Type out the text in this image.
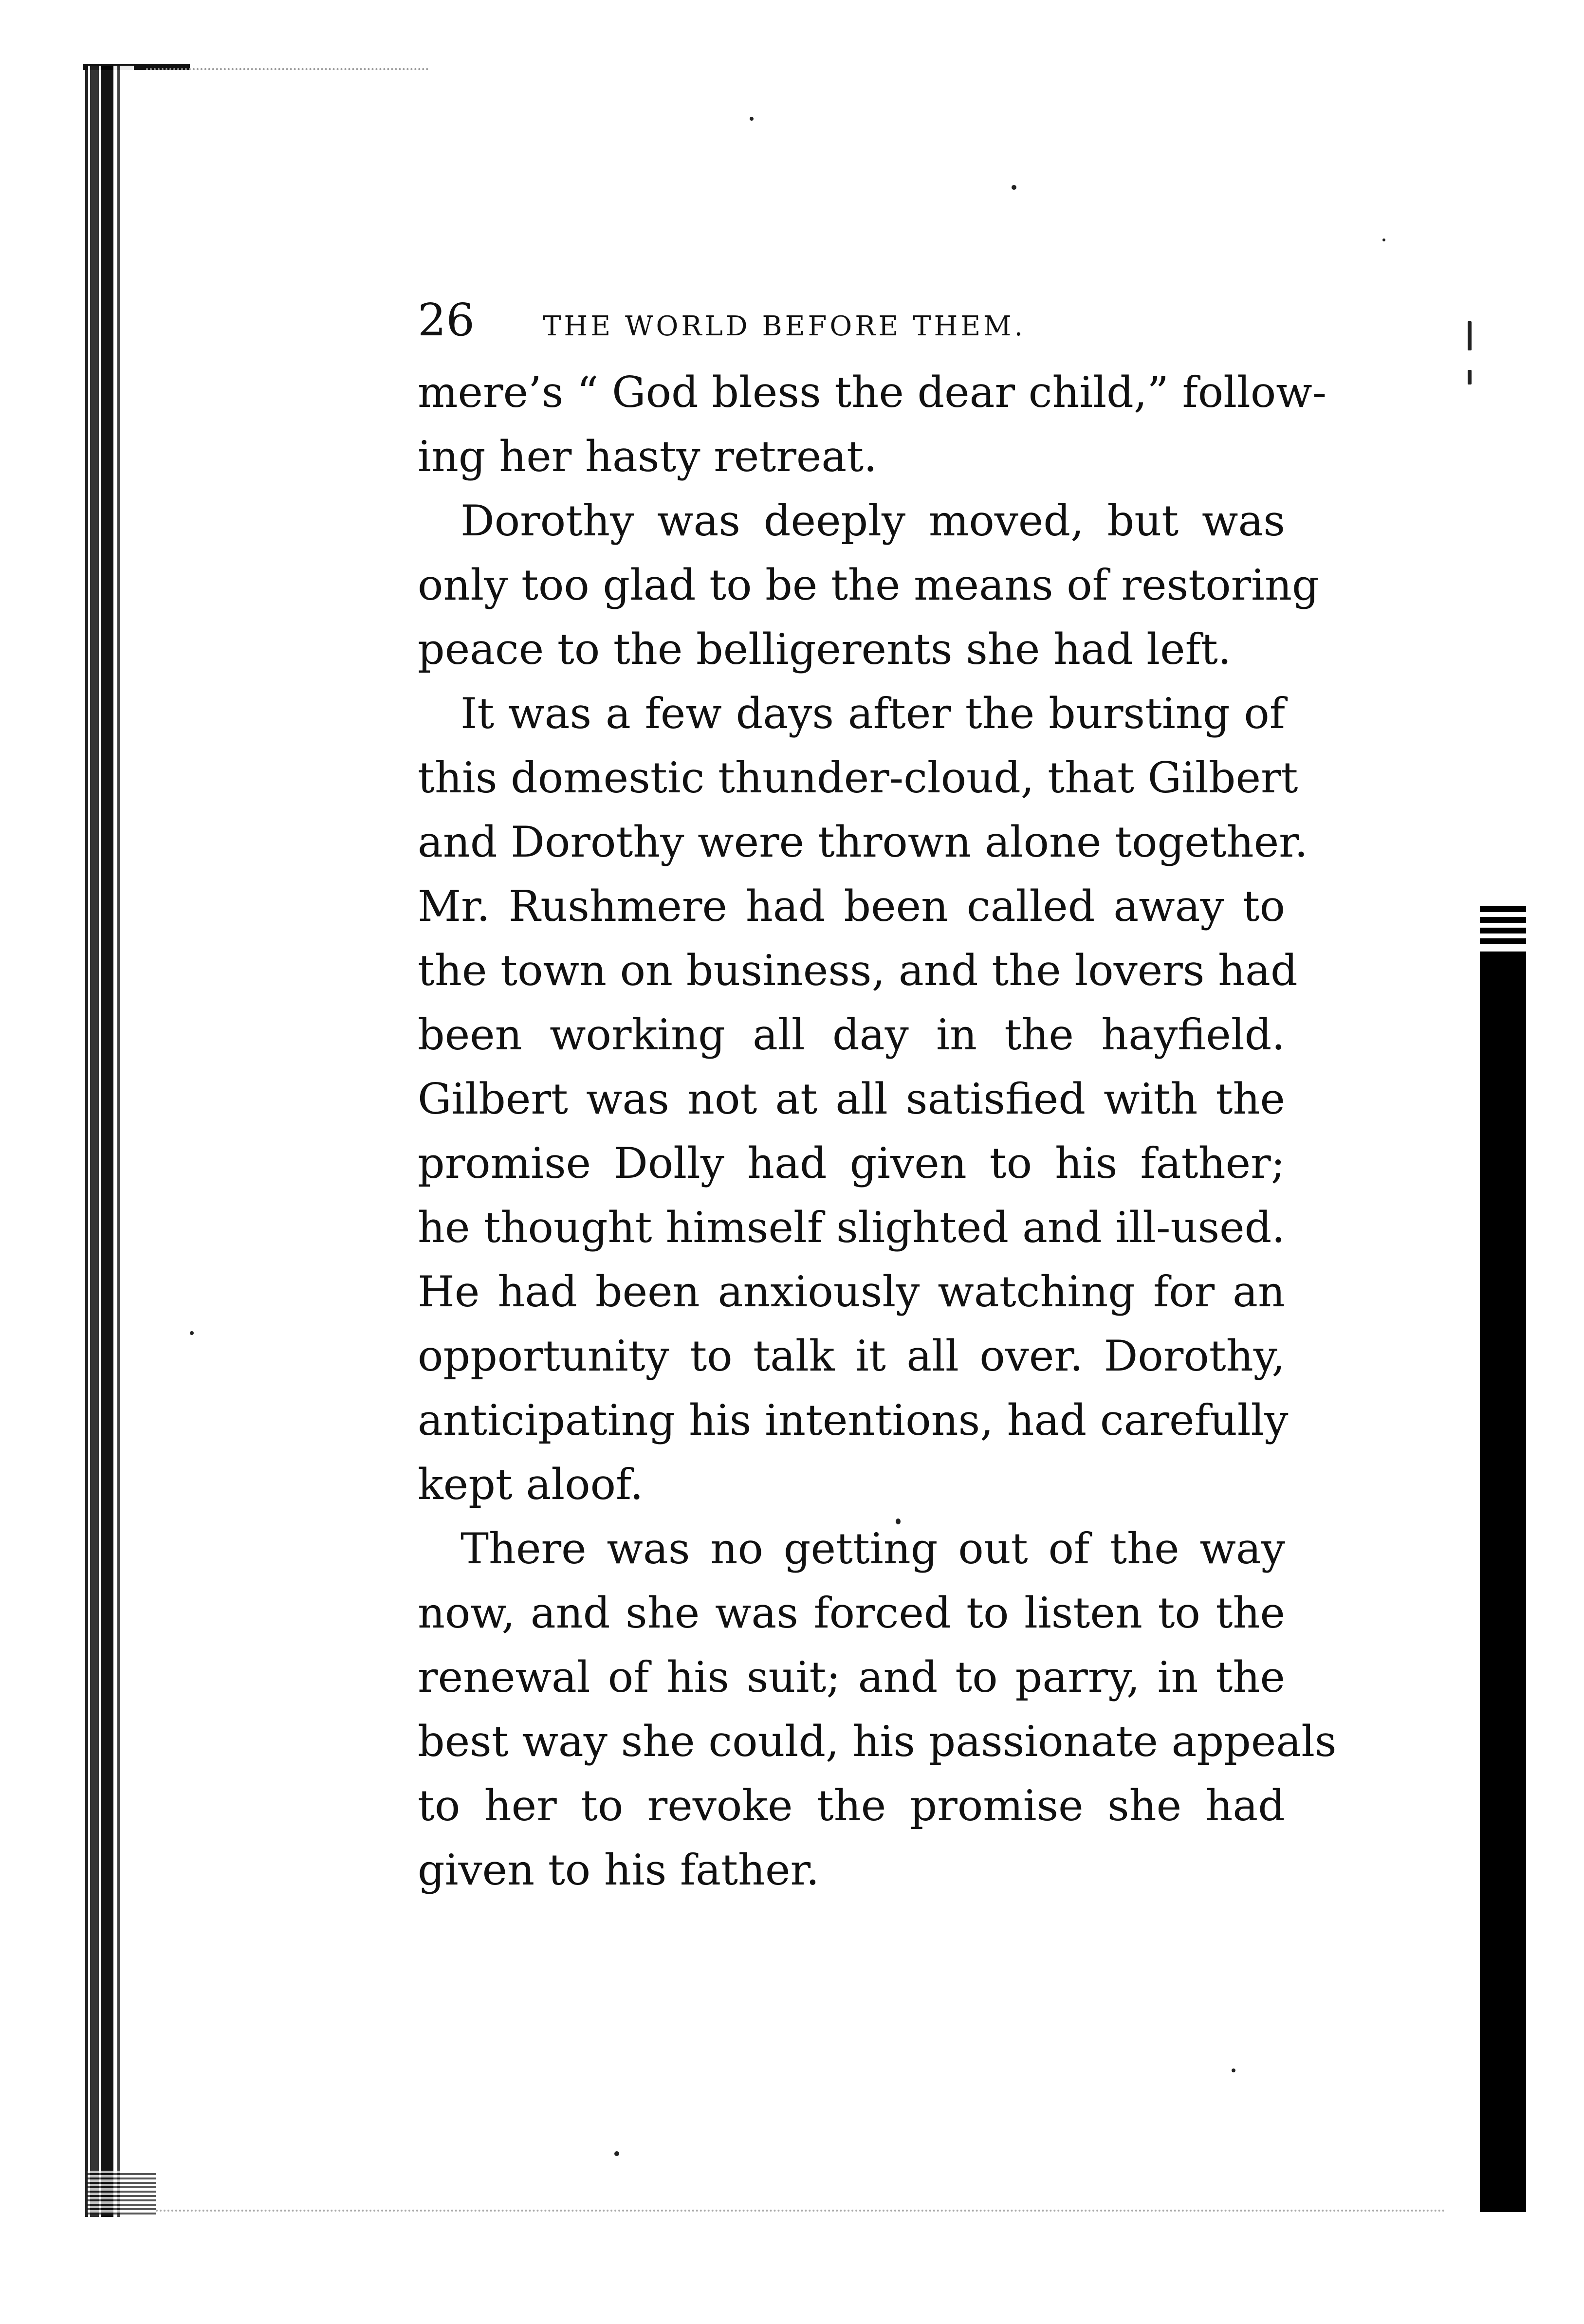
26	THE WORLD BEFORE THEM.
mere’s “ God bless the dear child,” follow-
ing her hasty retreat.
Dorothy was deeply moved, but was
only too glad to be the means of restoring
peace to the belligerents she had left.
It was a few days after the bursting of
this domestic thunder-cloud, that Gilbert
and Dorothy were thrown alone together.
Mr. Rushmere had been called away to
the town on business, and the lovers had
been working all day in the hayfield.
Gilbert was not at all satisfied with the
promise Dolly had given to his father;
he thought himself slighted and ill-used.
He had been anxiously watching for an
opportunity to talk it all over. Dorothy,
anticipating his intentions, had carefully
kept aloof.
There was no getting out of the way
now, and she was forced to listen to the
renewal of his suit; and to parry, in the
best way she could, his passionate appeals
to her to revoke the promise she had
given to his father.
